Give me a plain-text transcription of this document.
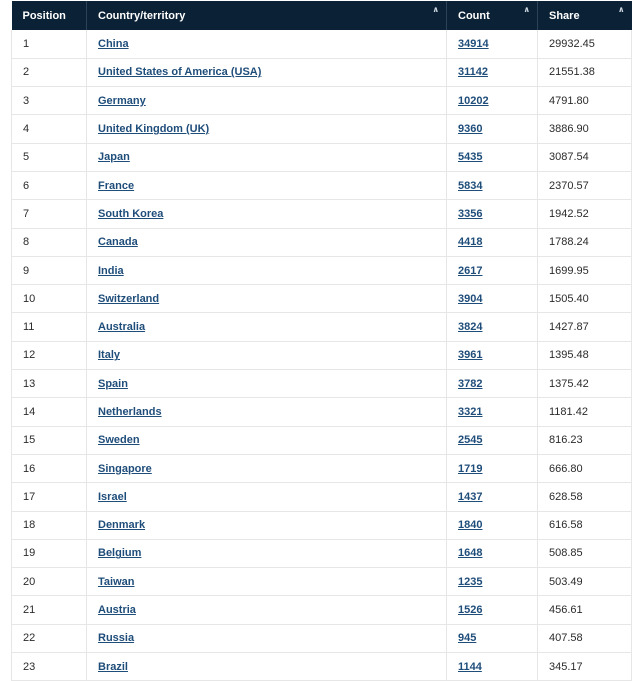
Position	Country/territory ∧	Count ∧	Share ∧

1	China	34914	29932.45
2	United States of America (USA)	31142	21551.38
3	Germany	10202	4791.80
4	United Kingdom (UK)	9360	3886.90
5	Japan	5435	3087.54
6	France	5834	2370.57
7	South Korea	3356	1942.52
8	Canada	4418	1788.24
9	India	2617	1699.95
10	Switzerland	3904	1505.40
11	Australia	3824	1427.87
12	Italy	3961	1395.48
13	Spain	3782	1375.42
14	Netherlands	3321	1181.42
15	Sweden	2545	816.23
16	Singapore	1719	666.80
17	Israel	1437	628.58
18	Denmark	1840	616.58
19	Belgium	1648	508.85
20	Taiwan	1235	503.49
21	Austria	1526	456.61
22	Russia	945	407.58
23	Brazil	1144	345.17
